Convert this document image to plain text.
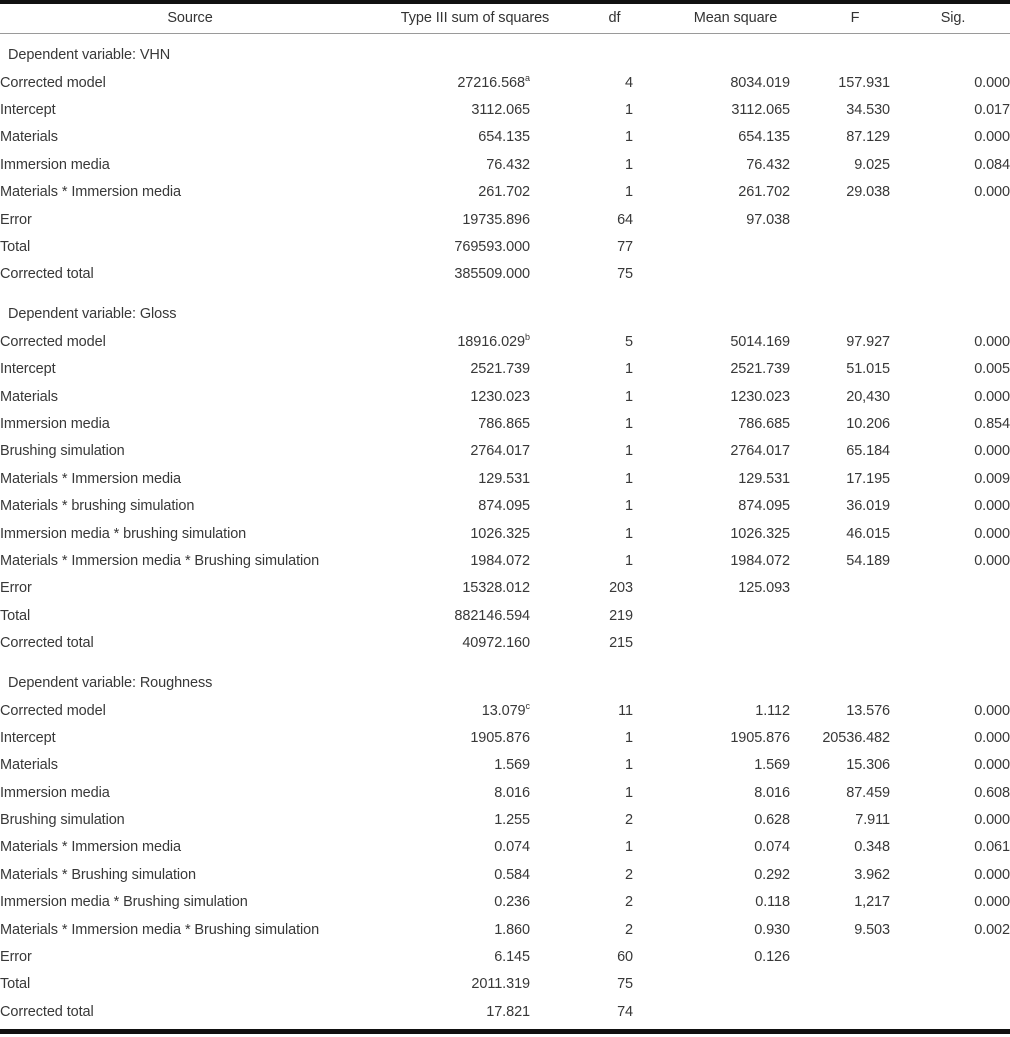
Source	Type III sum of squares	df	Mean square	F	Sig.
Dependent variable: VHN					
Corrected model	27216.568$^a$	4	8034.019	157.931	0.000
Intercept	3112.065	1	3112.065	34.530	0.017
Materials	654.135	1	654.135	87.129	0.000
Immersion media	76.432	1	76.432	9.025	0.084
Materials * Immersion media	261.702	1	261.702	29.038	0.000
Error	19735.896	64	97.038		
Total	769593.000	77			
Corrected total	385509.000	75			
Dependent variable: Gloss					
Corrected model	18916.029$^b$	5	5014.169	97.927	0.000
Intercept	2521.739	1	2521.739	51.015	0.005
Materials	1230.023	1	1230.023	20,430	0.000
Immersion media	786.865	1	786.685	10.206	0.854
Brushing simulation	2764.017	1	2764.017	65.184	0.000
Materials * Immersion media	129.531	1	129.531	17.195	0.009
Materials * brushing simulation	874.095	1	874.095	36.019	0.000
Immersion media * brushing simulation	1026.325	1	1026.325	46.015	0.000
Materials * Immersion media * Brushing simulation	1984.072	1	1984.072	54.189	0.000
Error	15328.012	203	125.093		
Total	882146.594	219			
Corrected total	40972.160	215			
Dependent variable: Roughness					
Corrected model	13.079$^c$	11	1.112	13.576	0.000
Intercept	1905.876	1	1905.876	20536.482	0.000
Materials	1.569	1	1.569	15.306	0.000
Immersion media	8.016	1	8.016	87.459	0.608
Brushing simulation	1.255	2	0.628	7.911	0.000
Materials * Immersion media	0.074	1	0.074	0.348	0.061
Materials * Brushing simulation	0.584	2	0.292	3.962	0.000
Immersion media * Brushing simulation	0.236	2	0.118	1,217	0.000
Materials * Immersion media * Brushing simulation	1.860	2	0.930	9.503	0.002
Error	6.145	60	0.126		
Total	2011.319	75			
Corrected total	17.821	74			
